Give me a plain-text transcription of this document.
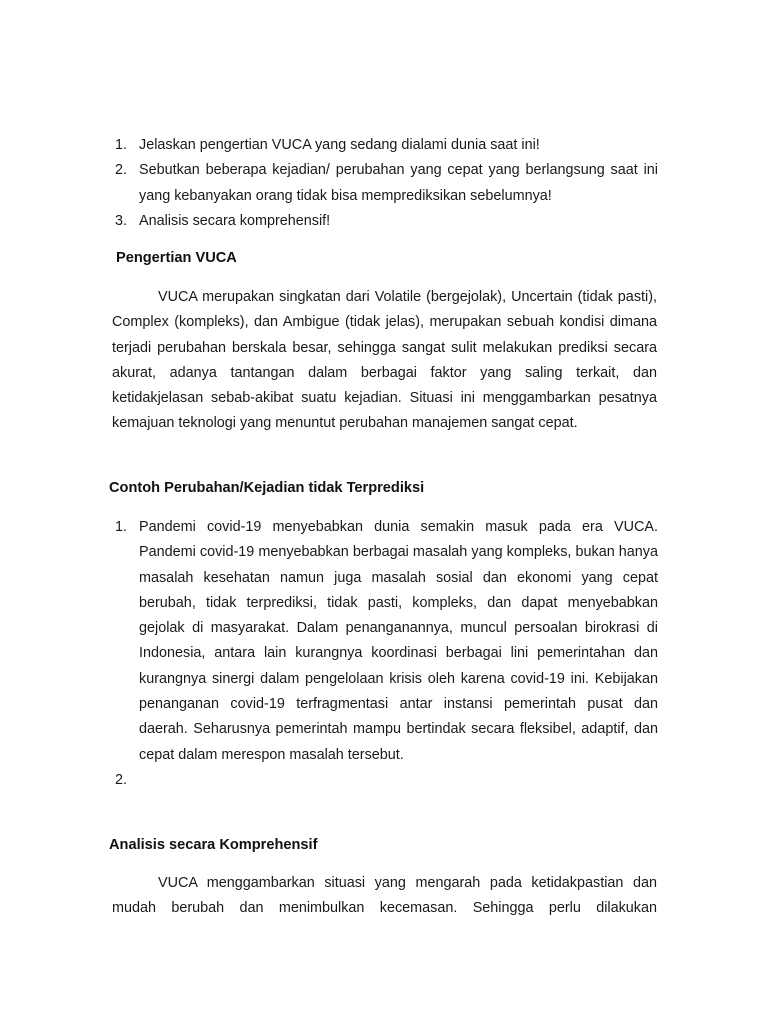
1. Jelaskan pengertian VUCA yang sedang dialami dunia saat ini!
2. Sebutkan beberapa kejadian/ perubahan yang cepat yang berlangsung saat ini yang kebanyakan orang tidak bisa memprediksikan sebelumnya!
3. Analisis secara komprehensif!
Pengertian VUCA

VUCA merupakan singkatan dari Volatile (bergejolak), Uncertain (tidak pasti), Complex (kompleks), dan Ambigue (tidak jelas), merupakan sebuah kondisi dimana terjadi perubahan berskala besar, sehingga sangat sulit melakukan prediksi secara akurat, adanya tantangan dalam berbagai faktor yang saling terkait, dan ketidakjelasan sebab-akibat suatu kejadian. Situasi ini menggambarkan pesatnya kemajuan teknologi yang menuntut perubahan manajemen sangat cepat.

Contoh Perubahan/Kejadian tidak Terprediksi
1. Pandemi covid-19 menyebabkan dunia semakin masuk pada era VUCA. Pandemi covid-19 menyebabkan berbagai masalah yang kompleks, bukan hanya masalah kesehatan namun juga masalah sosial dan ekonomi yang cepat berubah, tidak terprediksi, tidak pasti, kompleks, dan dapat menyebabkan gejolak di masyarakat. Dalam penanganannya, muncul persoalan birokrasi di Indonesia, antara lain kurangnya koordinasi berbagai lini pemerintahan dan kurangnya sinergi dalam pengelolaan krisis oleh karena covid-19 ini. Kebijakan penanganan covid-19 terfragmentasi antar instansi pemerintah pusat dan daerah. Seharusnya pemerintah mampu bertindak secara fleksibel, adaptif, dan cepat dalam merespon masalah tersebut.
2.
Analisis secara Komprehensif

VUCA menggambarkan situasi yang mengarah pada ketidakpastian dan mudah berubah dan menimbulkan kecemasan. Sehingga perlu dilakukan
